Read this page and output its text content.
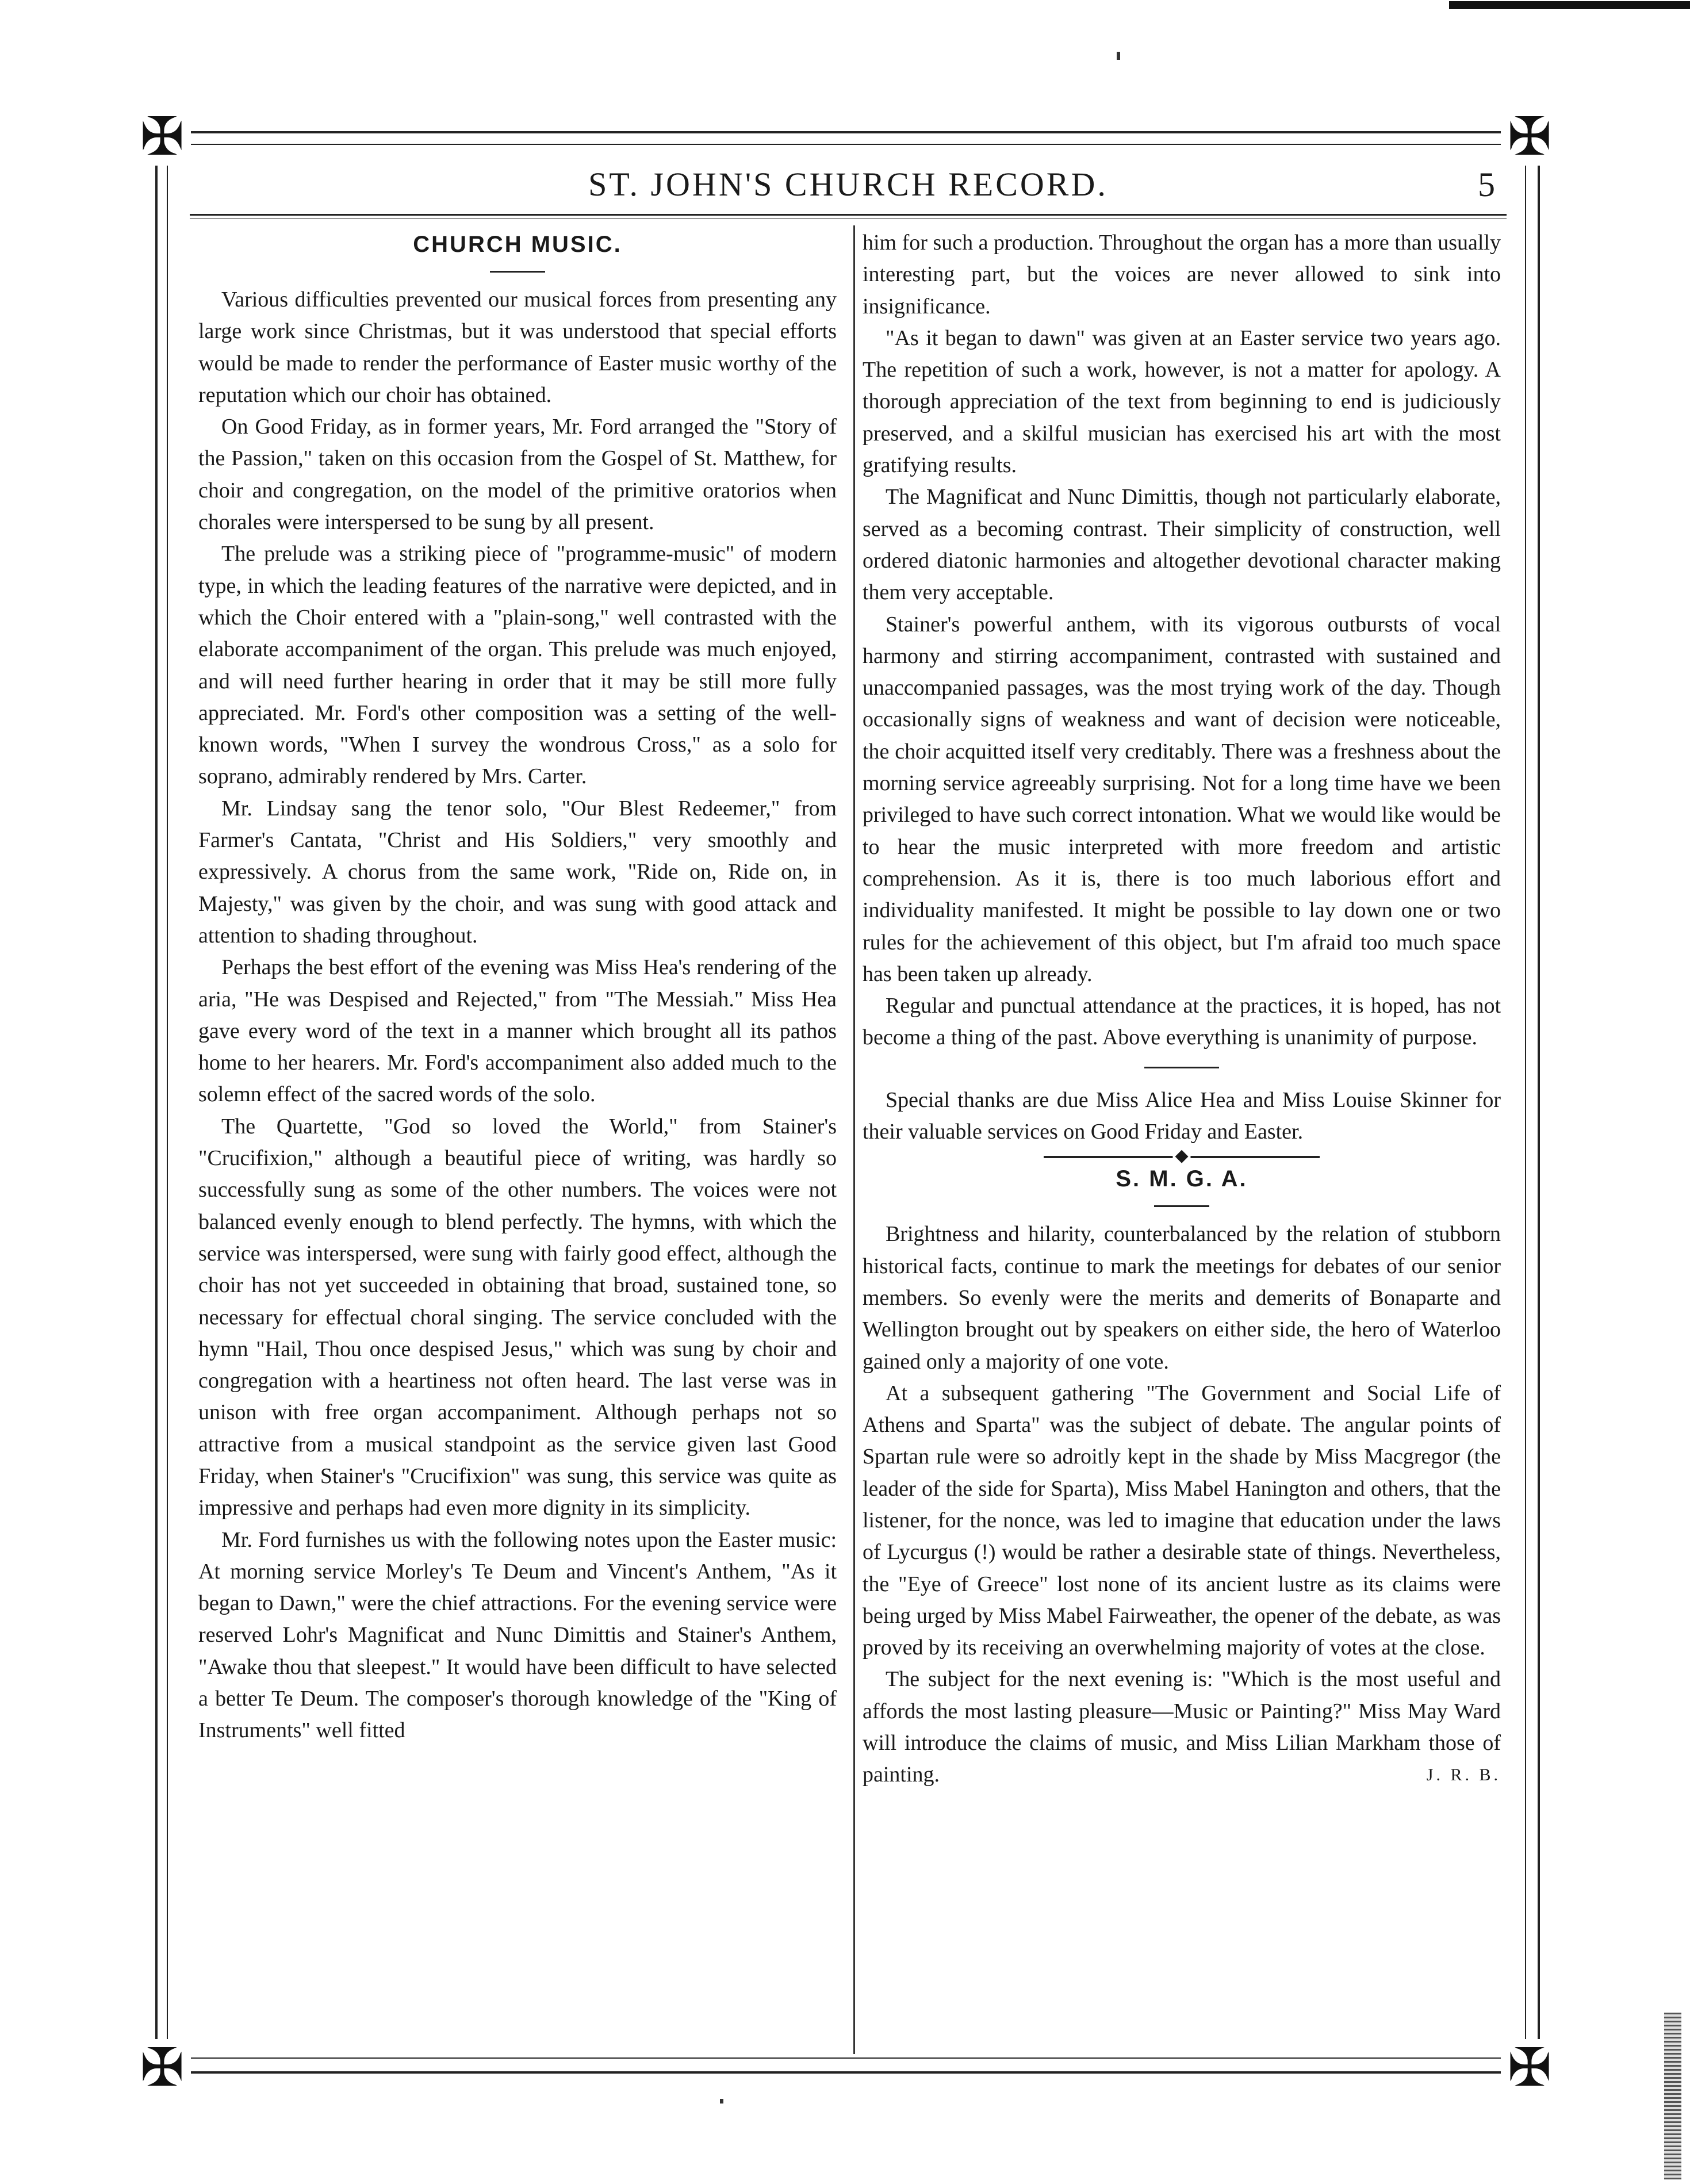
✠	✠
✠	✠
ST. JOHN'S CHURCH RECORD.	5
CHURCH MUSIC.

Various difficulties prevented our musical forces from presenting any large work since Christmas, but it was understood that special efforts would be made to render the performance of Easter music worthy of the reputation which our choir has obtained.

On Good Friday, as in former years, Mr. Ford arranged the "Story of the Passion," taken on this occasion from the Gospel of St. Matthew, for choir and congregation, on the model of the primitive oratorios when chorales were interspersed to be sung by all present.

The prelude was a striking piece of "programme-music" of modern type, in which the leading features of the narrative were depicted, and in which the Choir entered with a "plain-song," well contrasted with the elaborate accompaniment of the organ. This prelude was much enjoyed, and will need further hearing in order that it may be still more fully appreciated. Mr. Ford's other composition was a setting of the well-known words, "When I survey the wondrous Cross," as a solo for soprano, admirably rendered by Mrs. Carter.

Mr. Lindsay sang the tenor solo, "Our Blest Redeemer," from Farmer's Cantata, "Christ and His Soldiers," very smoothly and expressively. A chorus from the same work, "Ride on, Ride on, in Majesty," was given by the choir, and was sung with good attack and attention to shading throughout.

Perhaps the best effort of the evening was Miss Hea's rendering of the aria, "He was Despised and Rejected," from "The Messiah." Miss Hea gave every word of the text in a manner which brought all its pathos home to her hearers. Mr. Ford's accompaniment also added much to the solemn effect of the sacred words of the solo.

The Quartette, "God so loved the World," from Stainer's "Crucifixion," although a beautiful piece of writing, was hardly so successfully sung as some of the other numbers. The voices were not balanced evenly enough to blend perfectly. The hymns, with which the service was interspersed, were sung with fairly good effect, although the choir has not yet succeeded in obtaining that broad, sustained tone, so necessary for effectual choral singing. The service concluded with the hymn "Hail, Thou once despised Jesus," which was sung by choir and congregation with a heartiness not often heard. The last verse was in unison with free organ accompaniment. Although perhaps not so attractive from a musical standpoint as the service given last Good Friday, when Stainer's "Crucifixion" was sung, this service was quite as impressive and perhaps had even more dignity in its simplicity.

Mr. Ford furnishes us with the following notes upon the Easter music: At morning service Morley's Te Deum and Vincent's Anthem, "As it began to Dawn," were the chief attractions. For the evening service were reserved Lohr's Magnificat and Nunc Dimittis and Stainer's Anthem, "Awake thou that sleepest." It would have been difficult to have selected a better Te Deum. The composer's thorough knowledge of the "King of Instruments" well fitted

him for such a production. Throughout the organ has a more than usually interesting part, but the voices are never allowed to sink into insignificance.

"As it began to dawn" was given at an Easter service two years ago. The repetition of such a work, however, is not a matter for apology. A thorough appreciation of the text from beginning to end is judiciously preserved, and a skilful musician has exercised his art with the most gratifying results.

The Magnificat and Nunc Dimittis, though not particularly elaborate, served as a becoming contrast. Their simplicity of construction, well ordered diatonic harmonies and altogether devotional character making them very acceptable.

Stainer's powerful anthem, with its vigorous outbursts of vocal harmony and stirring accompaniment, contrasted with sustained and unaccompanied passages, was the most trying work of the day. Though occasionally signs of weakness and want of decision were noticeable, the choir acquitted itself very creditably. There was a freshness about the morning service agreeably surprising. Not for a long time have we been privileged to have such correct intonation. What we would like would be to hear the music interpreted with more freedom and artistic comprehension. As it is, there is too much laborious effort and individuality manifested. It might be possible to lay down one or two rules for the achievement of this object, but I'm afraid too much space has been taken up already.

Regular and punctual attendance at the practices, it is hoped, has not become a thing of the past. Above everything is unanimity of purpose.

Special thanks are due Miss Alice Hea and Miss Louise Skinner for their valuable services on Good Friday and Easter.

◆
S. M. G. A.

Brightness and hilarity, counterbalanced by the relation of stubborn historical facts, continue to mark the meetings for debates of our senior members. So evenly were the merits and demerits of Bonaparte and Wellington brought out by speakers on either side, the hero of Waterloo gained only a majority of one vote.

At a subsequent gathering "The Government and Social Life of Athens and Sparta" was the subject of debate. The angular points of Spartan rule were so adroitly kept in the shade by Miss Macgregor (the leader of the side for Sparta), Miss Mabel Hanington and others, that the listener, for the nonce, was led to imagine that education under the laws of Lycurgus (!) would be rather a desirable state of things. Nevertheless, the "Eye of Greece" lost none of its ancient lustre as its claims were being urged by Miss Mabel Fairweather, the opener of the debate, as was proved by its receiving an overwhelming majority of votes at the close.

The subject for the next evening is: "Which is the most useful and affords the most lasting pleasure—Music or Painting?" Miss May Ward will introduce the claims of music, and Miss Lilian Markham those of painting.	J. R. B.
